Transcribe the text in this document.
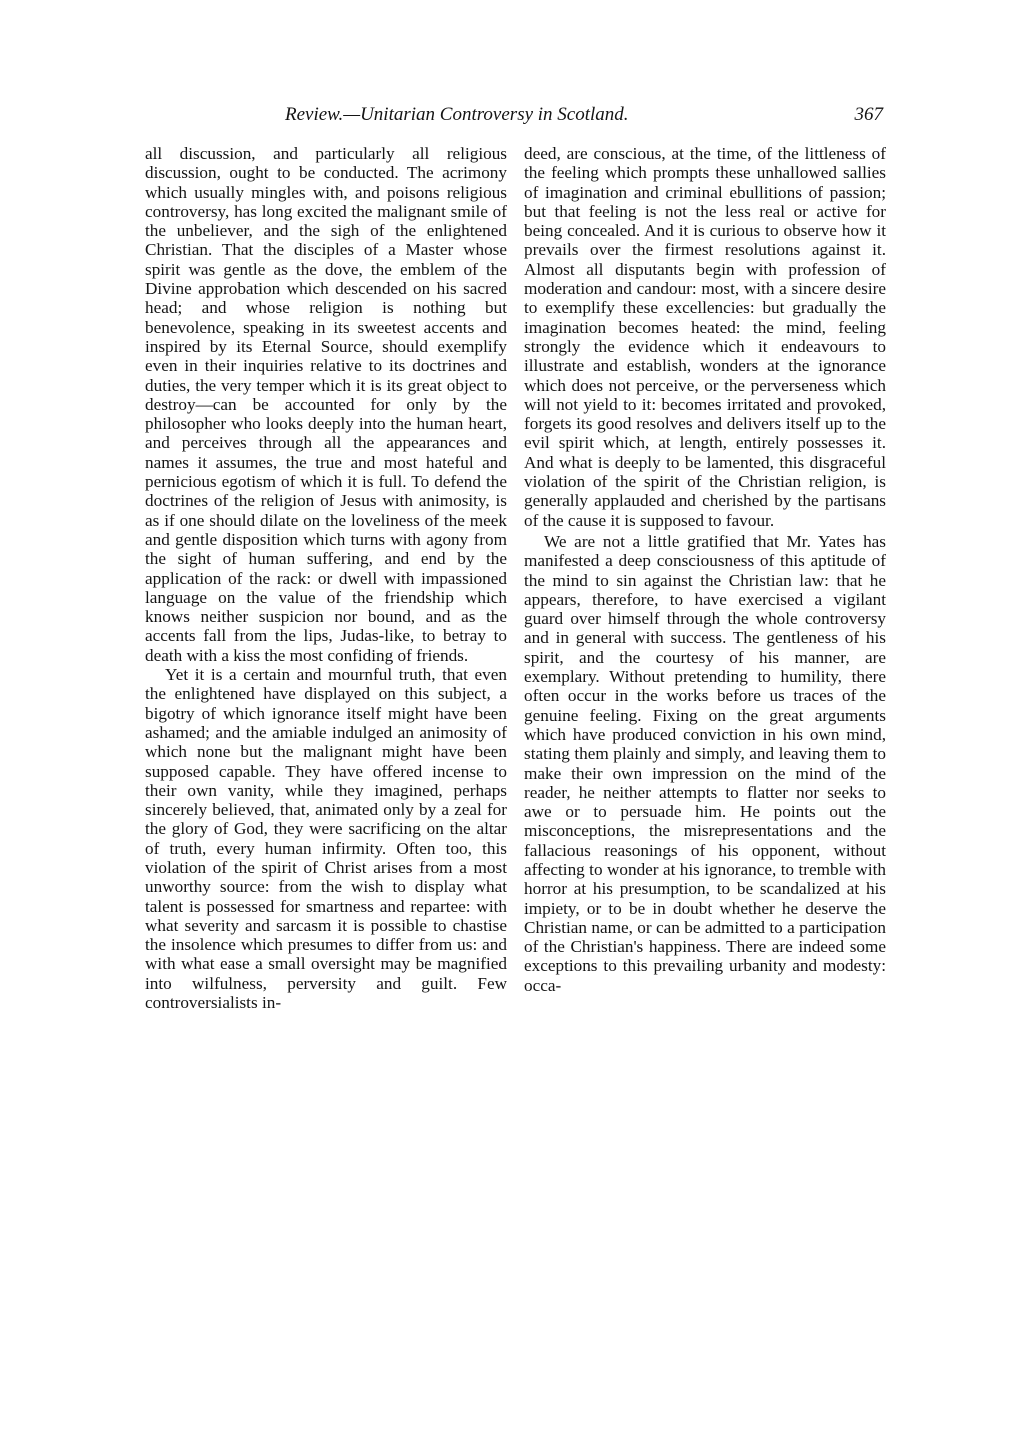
Review.—Unitarian Controversy in Scotland.	367

all discussion, and particularly all religious discussion, ought to be conducted. The acrimony which usually mingles with, and poisons religious controversy, has long excited the malignant smile of the unbeliever, and the sigh of the enlightened Christian. That the disciples of a Master whose spirit was gentle as the dove, the emblem of the Divine approbation which descended on his sacred head; and whose religion is nothing but benevolence, speaking in its sweetest accents and inspired by its Eternal Source, should exemplify even in their inquiries relative to its doctrines and duties, the very temper which it is its great object to destroy—can be accounted for only by the philosopher who looks deeply into the human heart, and perceives through all the appearances and names it assumes, the true and most hateful and pernicious egotism of which it is full. To defend the doctrines of the religion of Jesus with animosity, is as if one should dilate on the loveliness of the meek and gentle disposition which turns with agony from the sight of human suffering, and end by the application of the rack: or dwell with impassioned language on the value of the friendship which knows neither suspicion nor bound, and as the accents fall from the lips, Judas-like, to betray to death with a kiss the most confiding of friends.

Yet it is a certain and mournful truth, that even the enlightened have displayed on this subject, a bigotry of which ignorance itself might have been ashamed; and the amiable indulged an animosity of which none but the malignant might have been supposed capable. They have offered incense to their own vanity, while they imagined, perhaps sincerely believed, that, animated only by a zeal for the glory of God, they were sacrificing on the altar of truth, every human infirmity. Often too, this violation of the spirit of Christ arises from a most unworthy source: from the wish to display what talent is possessed for smartness and repartee: with what severity and sarcasm it is possible to chastise the insolence which presumes to differ from us: and with what ease a small oversight may be magnified into wilfulness, perversity and guilt. Few controversialists in-

deed, are conscious, at the time, of the littleness of the feeling which prompts these unhallowed sallies of imagination and criminal ebullitions of passion; but that feeling is not the less real or active for being concealed. And it is curious to observe how it prevails over the firmest resolutions against it. Almost all disputants begin with profession of moderation and candour: most, with a sincere desire to exemplify these excellencies: but gradually the imagination becomes heated: the mind, feeling strongly the evidence which it endeavours to illustrate and establish, wonders at the ignorance which does not perceive, or the perverseness which will not yield to it: becomes irritated and provoked, forgets its good resolves and delivers itself up to the evil spirit which, at length, entirely possesses it. And what is deeply to be lamented, this disgraceful violation of the spirit of the Christian religion, is generally applauded and cherished by the partisans of the cause it is supposed to favour.

We are not a little gratified that Mr. Yates has manifested a deep consciousness of this aptitude of the mind to sin against the Christian law: that he appears, therefore, to have exercised a vigilant guard over himself through the whole controversy and in general with success. The gentleness of his spirit, and the courtesy of his manner, are exemplary. Without pretending to humility, there often occur in the works before us traces of the genuine feeling. Fixing on the great arguments which have produced conviction in his own mind, stating them plainly and simply, and leaving them to make their own impression on the mind of the reader, he neither attempts to flatter nor seeks to awe or to persuade him. He points out the misconceptions, the misrepresentations and the fallacious reasonings of his opponent, without affecting to wonder at his ignorance, to tremble with horror at his presumption, to be scandalized at his impiety, or to be in doubt whether he deserve the Christian name, or can be admitted to a participation of the Christian's happiness. There are indeed some exceptions to this prevailing urbanity and modesty: occa-
